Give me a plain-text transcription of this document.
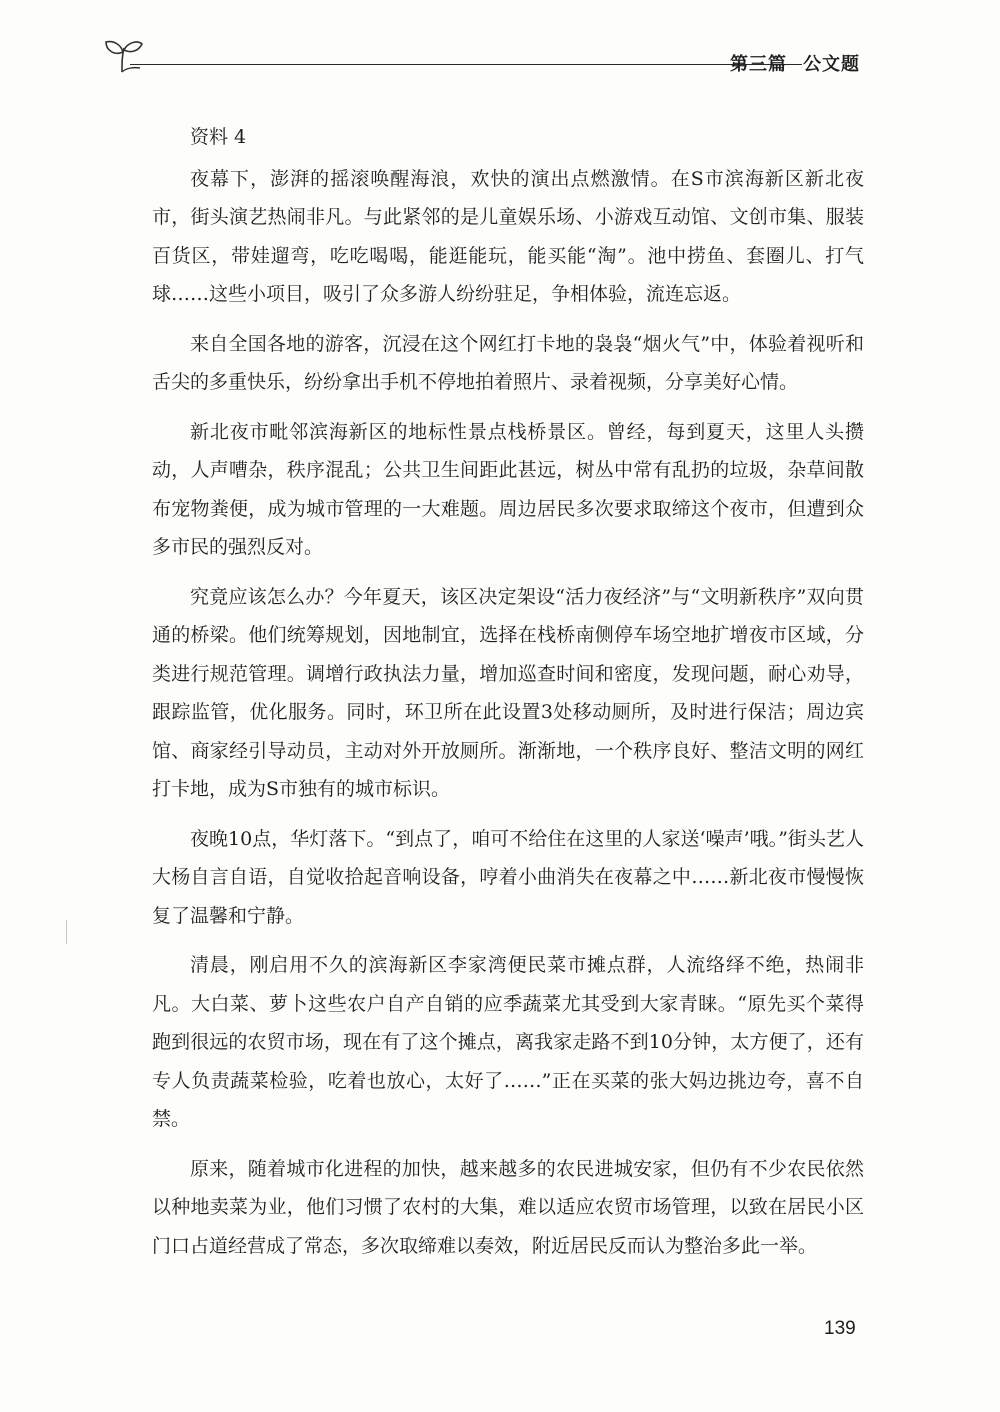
第三篇 公文题

资料 4

夜幕下，澎湃的摇滚唤醒海浪，欢快的演出点燃激情。在S市滨海新区新北夜市，街头演艺热闹非凡。与此紧邻的是儿童娱乐场、小游戏互动馆、文创市集、服装百货区，带娃遛弯，吃吃喝喝，能逛能玩，能买能“淘”。池中捞鱼、套圈儿、打气球……这些小项目，吸引了众多游人纷纷驻足，争相体验，流连忘返。

来自全国各地的游客，沉浸在这个网红打卡地的袅袅“烟火气”中，体验着视听和舌尖的多重快乐，纷纷拿出手机不停地拍着照片、录着视频，分享美好心情。

新北夜市毗邻滨海新区的地标性景点栈桥景区。曾经，每到夏天，这里人头攒动，人声嘈杂，秩序混乱；公共卫生间距此甚远，树丛中常有乱扔的垃圾，杂草间散布宠物粪便，成为城市管理的一大难题。周边居民多次要求取缔这个夜市，但遭到众多市民的强烈反对。

究竟应该怎么办？今年夏天，该区决定架设“活力夜经济”与“文明新秩序”双向贯通的桥梁。他们统筹规划，因地制宜，选择在栈桥南侧停车场空地扩增夜市区域，分类进行规范管理。调增行政执法力量，增加巡查时间和密度，发现问题，耐心劝导，跟踪监管，优化服务。同时，环卫所在此设置3处移动厕所，及时进行保洁；周边宾馆、商家经引导动员，主动对外开放厕所。渐渐地，一个秩序良好、整洁文明的网红打卡地，成为S市独有的城市标识。

夜晚10点，华灯落下。“到点了，咱可不给住在这里的人家送‘噪声’哦。”街头艺人大杨自言自语，自觉收拾起音响设备，哼着小曲消失在夜幕之中……新北夜市慢慢恢复了温馨和宁静。

清晨，刚启用不久的滨海新区李家湾便民菜市摊点群，人流络绎不绝，热闹非凡。大白菜、萝卜这些农户自产自销的应季蔬菜尤其受到大家青睐。“原先买个菜得跑到很远的农贸市场，现在有了这个摊点，离我家走路不到10分钟，太方便了，还有专人负责蔬菜检验，吃着也放心，太好了……”正在买菜的张大妈边挑边夸，喜不自禁。

原来，随着城市化进程的加快，越来越多的农民进城安家，但仍有不少农民依然以种地卖菜为业，他们习惯了农村的大集，难以适应农贸市场管理，以致在居民小区门口占道经营成了常态，多次取缔难以奏效，附近居民反而认为整治多此一举。

139
